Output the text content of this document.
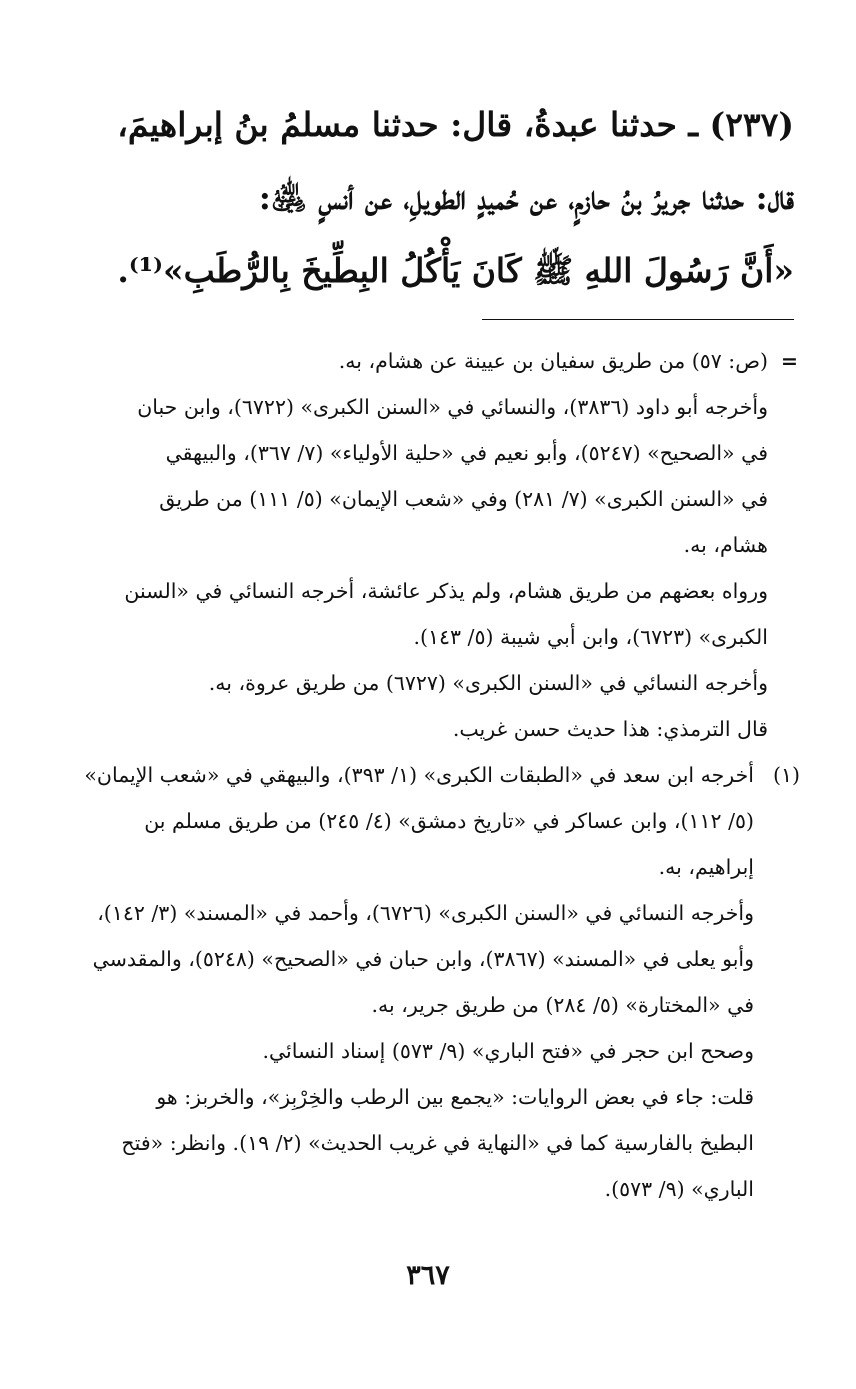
(٢٣٧) ـ حدثنا عبدةُ، قال: حدثنا مسلمُ بنُ إبراهيمَ،

قال: حدثنا جريرُ بنُ حازمٍ، عن حُميدٍ الطويلِ، عن أنسٍ ﵁:

«أَنَّ رَسُولَ اللهِ ﷺ كَانَ يَأْكُلُ البِطِّيخَ بِالرُّطَبِ»⁽¹⁾.

=
(ص: ٥٧) من طريق سفيان بن عيينة عن هشام، به.
وأخرجه أبو داود (٣٨٣٦)، والنسائي في «السنن الكبرى» (٦٧٢٢)، وابن حبان
في «الصحيح» (٥٢٤٧)، وأبو نعيم في «حلية الأولياء» (٧/ ٣٦٧)، والبيهقي
في «السنن الكبرى» (٧/ ٢٨١) وفي «شعب الإيمان» (٥/ ١١١) من طريق
هشام، به.
ورواه بعضهم من طريق هشام، ولم يذكر عائشة، أخرجه النسائي في «السنن
الكبرى» (٦٧٢٣)، وابن أبي شيبة (٥/ ١٤٣).
وأخرجه النسائي في «السنن الكبرى» (٦٧٢٧) من طريق عروة، به.
قال الترمذي: هذا حديث حسن غريب.
(١)
أخرجه ابن سعد في «الطبقات الكبرى» (١/ ٣٩٣)، والبيهقي في «شعب الإيمان»
(٥/ ١١٢)، وابن عساكر في «تاريخ دمشق» (٤/ ٢٤٥) من طريق مسلم بن
إبراهيم، به.
وأخرجه النسائي في «السنن الكبرى» (٦٧٢٦)، وأحمد في «المسند» (٣/ ١٤٢)،
وأبو يعلى في «المسند» (٣٨٦٧)، وابن حبان في «الصحيح» (٥٢٤٨)، والمقدسي
في «المختارة» (٥/ ٢٨٤) من طريق جرير، به.
وصحح ابن حجر في «فتح الباري» (٩/ ٥٧٣) إسناد النسائي.
قلت: جاء في بعض الروايات: «يجمع بين الرطب والخِرْبِز»، والخربز: هو
البطيخ بالفارسية كما في «النهاية في غريب الحديث» (٢/ ١٩). وانظر: «فتح
الباري» (٩/ ٥٧٣).
٣٦٧
